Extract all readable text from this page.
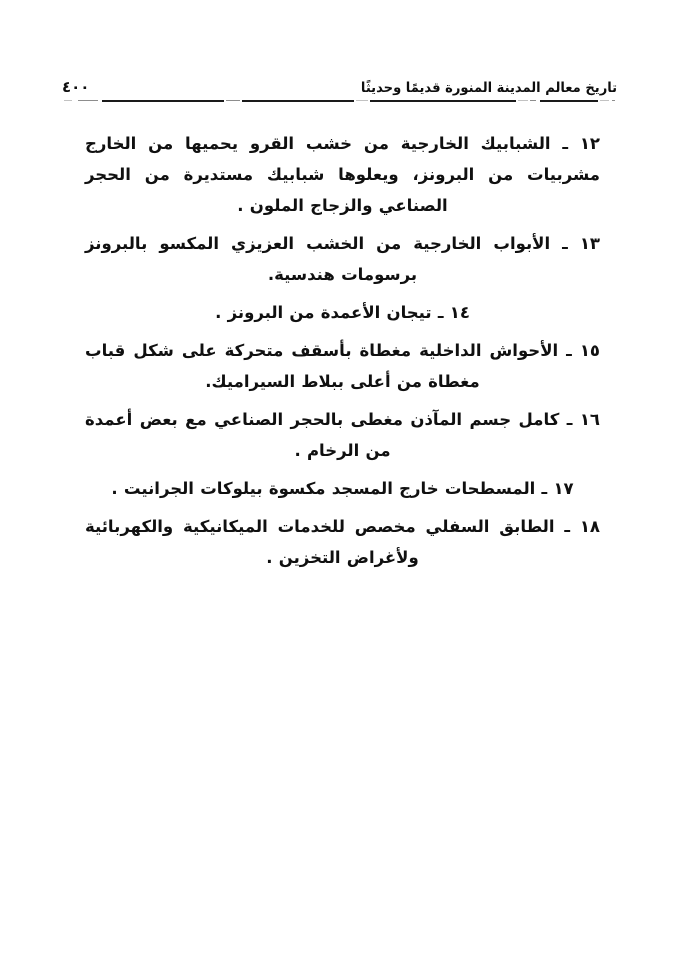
تاريخ معالم المدينة المنورة قديمًا وحديثًا
٤٠٠

١٢ ـ الشبابيك الخارجية من خشب القرو يحميها من الخارج مشربيات من البرونز، ويعلوها شبابيك مستديرة من الحجر الصناعي والزجاج الملون .

١٣ ـ الأبواب الخارجية من الخشب العزيزي المكسو بالبرونز برسومات هندسية.

١٤ ـ تيجان الأعمدة من البرونز .

١٥ ـ الأحواش الداخلية مغطاة بأسقف متحركة على شكل قباب مغطاة من أعلى ببلاط السيراميك.

١٦ ـ كامل جسم المآذن مغطى بالحجر الصناعي مع بعض أعمدة من الرخام .

١٧ ـ المسطحات خارج المسجد مكسوة بيلوكات الجرانيت .

١٨ ـ الطابق السفلي مخصص للخدمات الميكانيكية والكهربائية ولأغراض التخزين .
